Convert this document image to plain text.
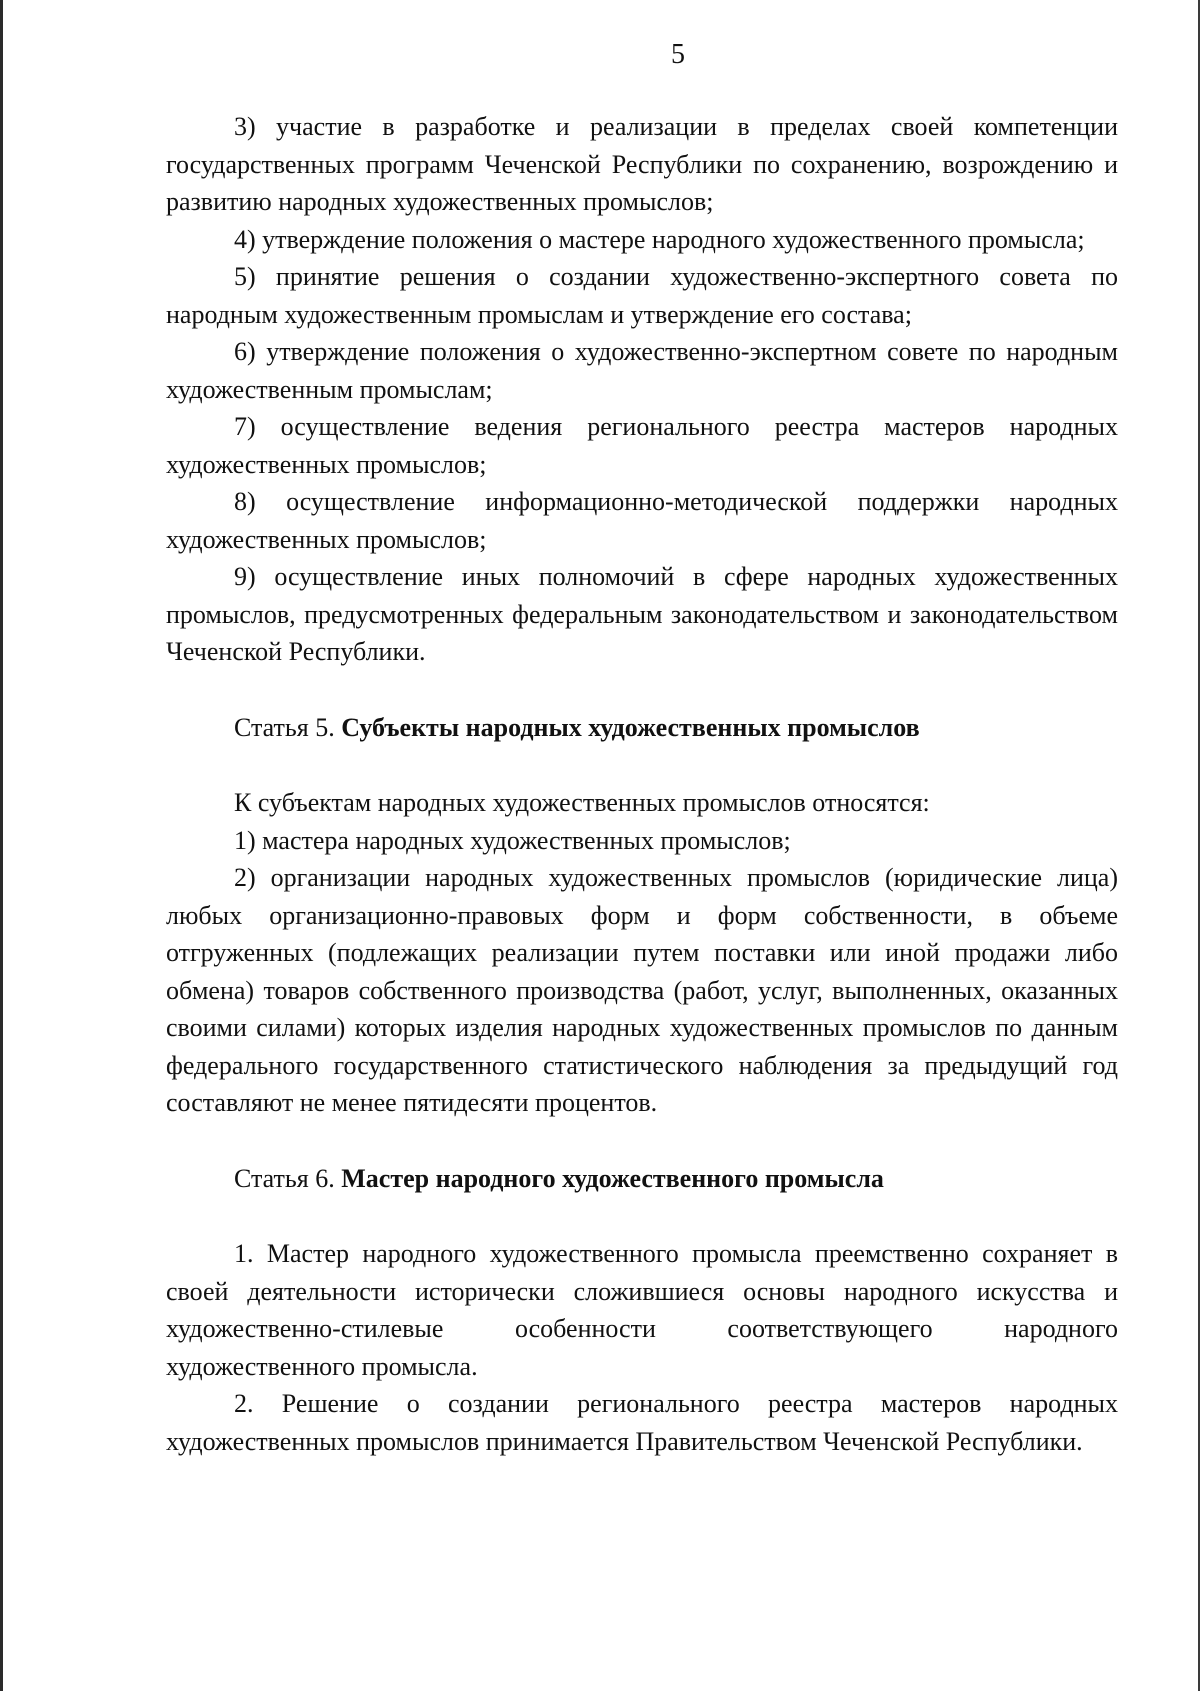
5

3) участие в разработке и реализации в пределах своей компетенции государственных программ Чеченской Республики по сохранению, возрождению и развитию народных художественных промыслов;

4) утверждение положения о мастере народного художественного промысла;

5) принятие решения о создании художественно-экспертного совета по народным художественным промыслам и утверждение его состава;

6) утверждение положения о художественно-экспертном совете по народным художественным промыслам;

7) осуществление ведения регионального реестра мастеров народных художественных промыслов;

8) осуществление информационно-методической поддержки народных художественных промыслов;

9) осуществление иных полномочий в сфере народных художественных промыслов, предусмотренных федеральным законодательством и законодательством Чеченской Республики.

Статья 5. Субъекты народных художественных промыслов

К субъектам народных художественных промыслов относятся:

1) мастера народных художественных промыслов;

2) организации народных художественных промыслов (юридические лица) любых организационно-правовых форм и форм собственности, в объеме отгруженных (подлежащих реализации путем поставки или иной продажи либо обмена) товаров собственного производства (работ, услуг, выполненных, оказанных своими силами) которых изделия народных художественных промыслов по данным федерального государственного статистического наблюдения за предыдущий год составляют не менее пятидесяти процентов.

Статья 6. Мастер народного художественного промысла

1. Мастер народного художественного промысла преемственно сохраняет в своей деятельности исторически сложившиеся основы народного искусства и художественно-стилевые особенности соответствующего народного художественного промысла.

2. Решение о создании регионального реестра мастеров народных художественных промыслов принимается Правительством Чеченской Республики.
